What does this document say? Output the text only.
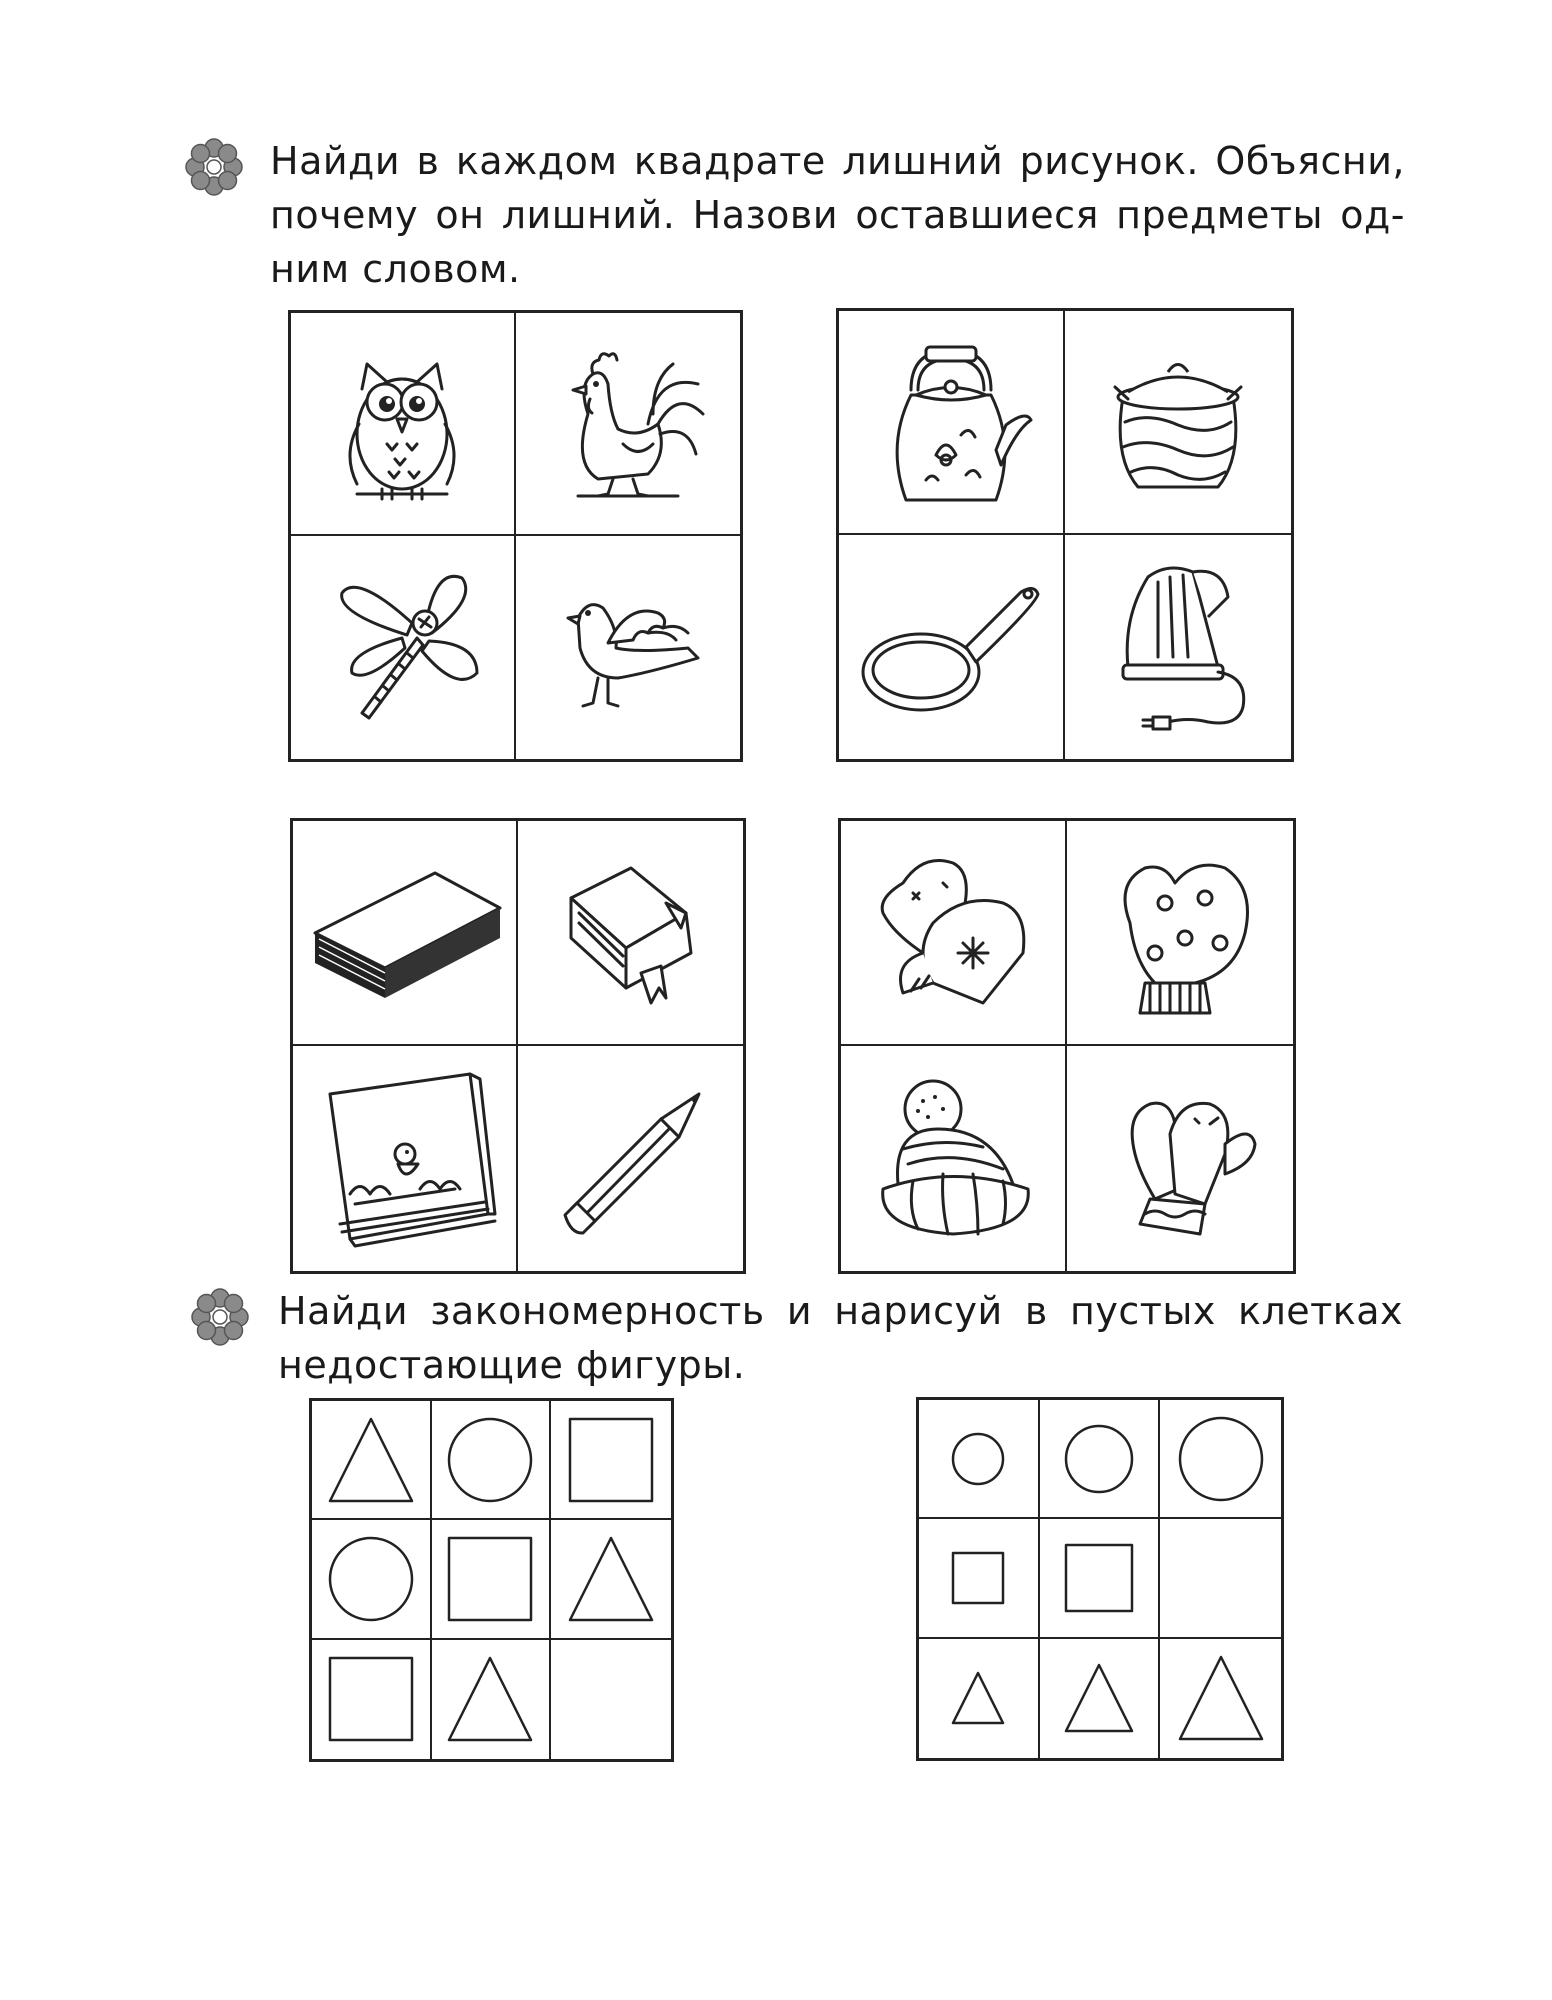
Найди в каждом квадрате лишний рисунок. Объясни,
почему он лишний. Назови оставшиеся предметы од-
ним словом.

Найди закономерность и нарисуй в пустых клетках
недостающие фигуры.
